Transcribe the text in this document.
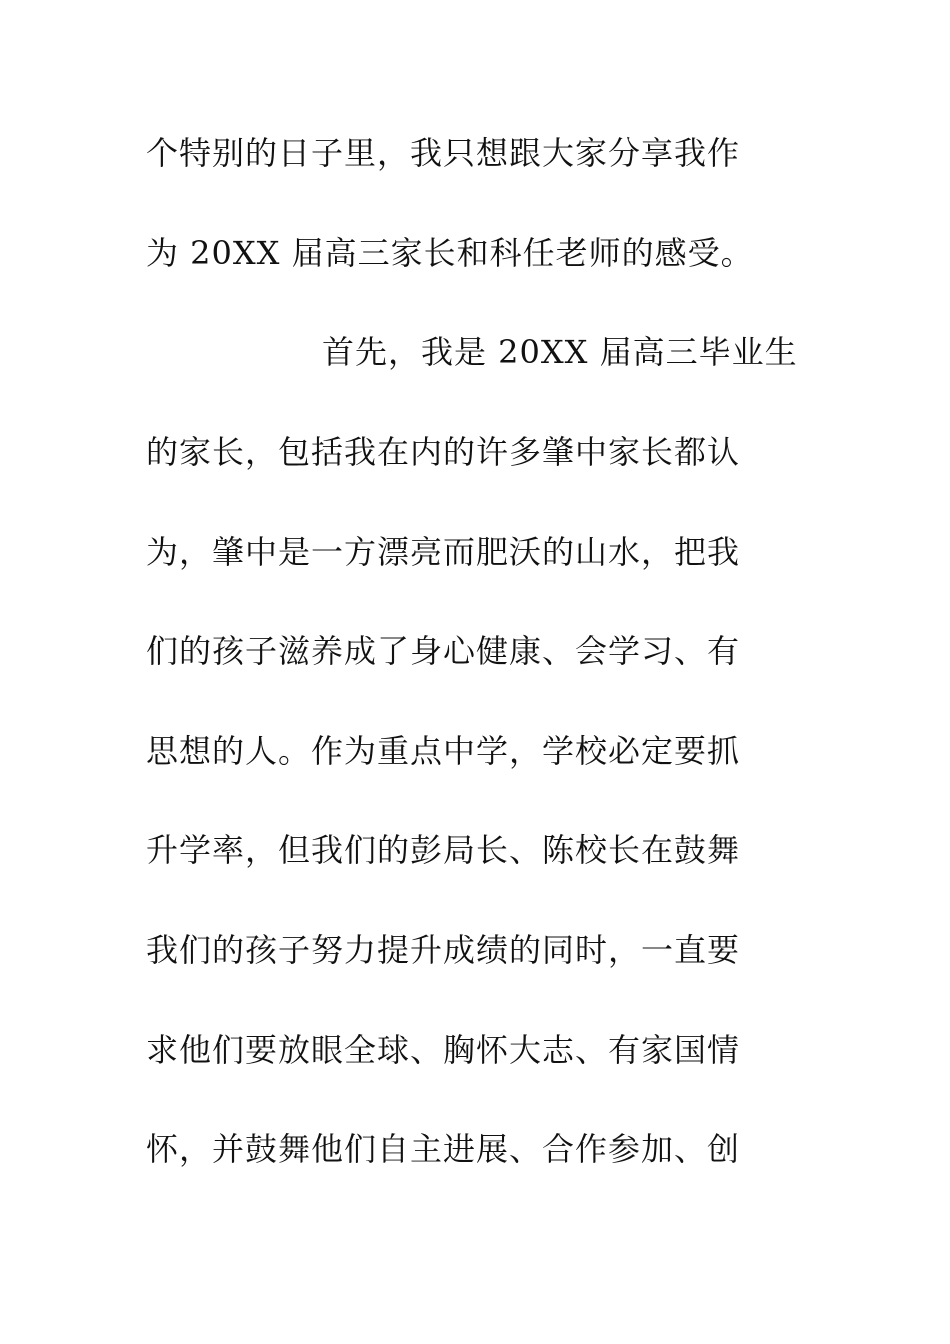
个特别的日子里，我只想跟大家分享我作
为 20XX 届高三家长和科任老师的感受。
首先，我是 20XX 届高三毕业生
的家长，包括我在内的许多肇中家长都认
为，肇中是一方漂亮而肥沃的山水，把我
们的孩子滋养成了身心健康、会学习、有
思想的人。作为重点中学，学校必定要抓
升学率，但我们的彭局长、陈校长在鼓舞
我们的孩子努力提升成绩的同时，一直要
求他们要放眼全球、胸怀大志、有家国情
怀，并鼓舞他们自主进展、合作参加、创
